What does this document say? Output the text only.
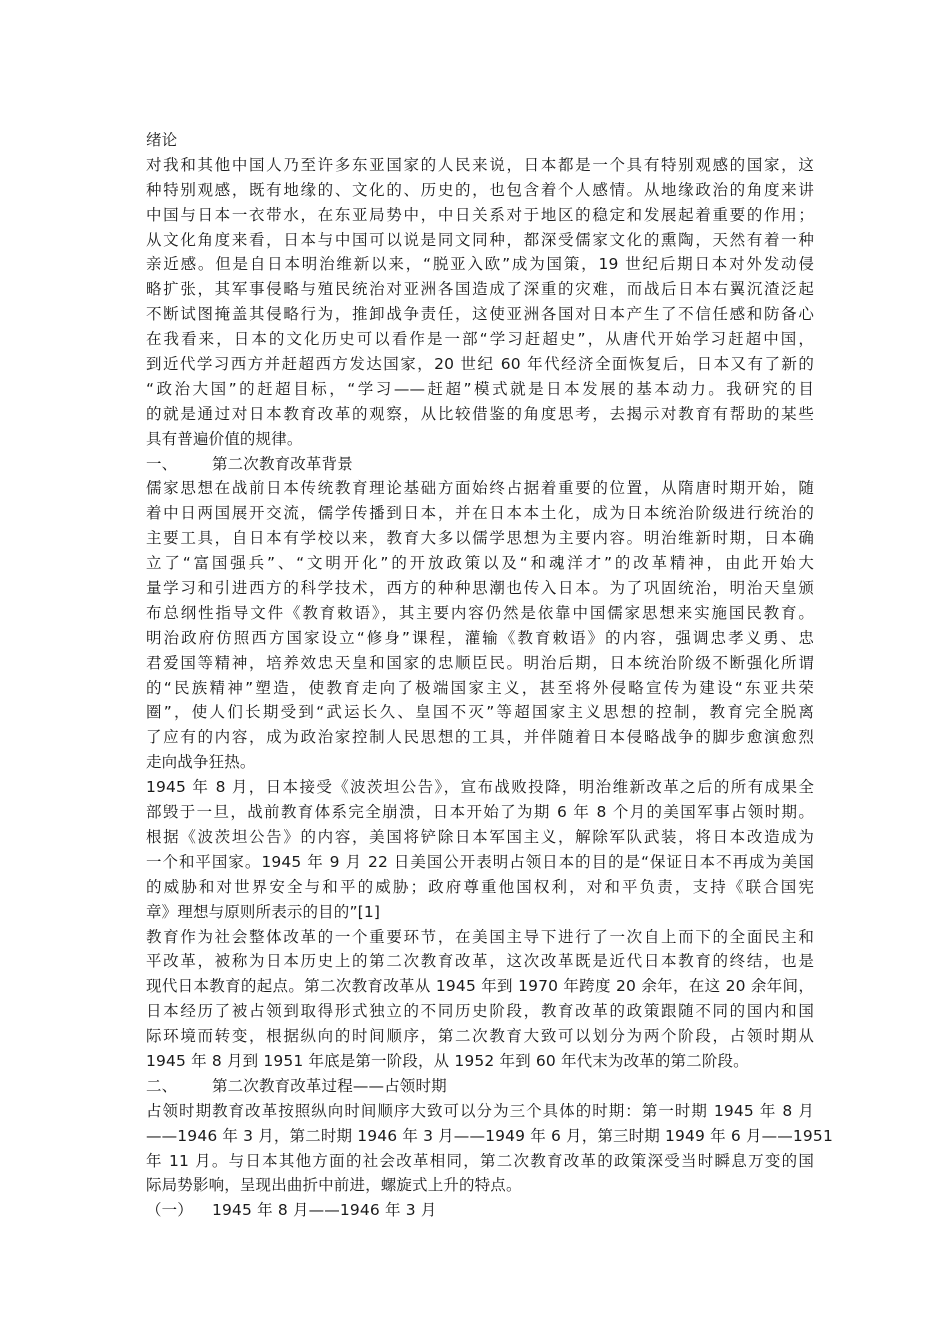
绪论
对我和其他中国人乃至许多东亚国家的人民来说，日本都是一个具有特别观感的国家，这
种特别观感，既有地缘的、文化的、历史的，也包含着个人感情。从地缘政治的角度来讲
中国与日本一衣带水，在东亚局势中，中日关系对于地区的稳定和发展起着重要的作用；
从文化角度来看，日本与中国可以说是同文同种，都深受儒家文化的熏陶，天然有着一种
亲近感。但是自日本明治维新以来，“脱亚入欧”成为国策，19 世纪后期日本对外发动侵
略扩张，其军事侵略与殖民统治对亚洲各国造成了深重的灾难，而战后日本右翼沉渣泛起
不断试图掩盖其侵略行为，推卸战争责任，这使亚洲各国对日本产生了不信任感和防备心
在我看来，日本的文化历史可以看作是一部“学习赶超史”，从唐代开始学习赶超中国，
到近代学习西方并赶超西方发达国家，20 世纪 60 年代经济全面恢复后，日本又有了新的
“政治大国”的赶超目标，“学习——赶超”模式就是日本发展的基本动力。我研究的目
的就是通过对日本教育改革的观察，从比较借鉴的角度思考，去揭示对教育有帮助的某些
具有普遍价值的规律。
一、 第二次教育改革背景
儒家思想在战前日本传统教育理论基础方面始终占据着重要的位置，从隋唐时期开始，随
着中日两国展开交流，儒学传播到日本，并在日本本土化，成为日本统治阶级进行统治的
主要工具，自日本有学校以来，教育大多以儒学思想为主要内容。明治维新时期，日本确
立了“富国强兵”、“文明开化”的开放政策以及“和魂洋才”的改革精神，由此开始大
量学习和引进西方的科学技术，西方的种种思潮也传入日本。为了巩固统治，明治天皇颁
布总纲性指导文件《教育敕语》，其主要内容仍然是依靠中国儒家思想来实施国民教育。
明治政府仿照西方国家设立“修身”课程，灌输《教育敕语》的内容，强调忠孝义勇、忠
君爱国等精神，培养效忠天皇和国家的忠顺臣民。明治后期，日本统治阶级不断强化所谓
的“民族精神”塑造，使教育走向了极端国家主义，甚至将外侵略宣传为建设“东亚共荣
圈”，使人们长期受到“武运长久、皇国不灭”等超国家主义思想的控制，教育完全脱离
了应有的内容，成为政治家控制人民思想的工具，并伴随着日本侵略战争的脚步愈演愈烈
走向战争狂热。
1945 年 8 月，日本接受《波茨坦公告》，宣布战败投降，明治维新改革之后的所有成果全
部毁于一旦，战前教育体系完全崩溃，日本开始了为期 6 年 8 个月的美国军事占领时期。
根据《波茨坦公告》的内容，美国将铲除日本军国主义，解除军队武装，将日本改造成为
一个和平国家。1945 年 9 月 22 日美国公开表明占领日本的目的是“保证日本不再成为美国
的威胁和对世界安全与和平的威胁；政府尊重他国权利，对和平负责，支持《联合国宪
章》理想与原则所表示的目的”[1]
教育作为社会整体改革的一个重要环节，在美国主导下进行了一次自上而下的全面民主和
平改革，被称为日本历史上的第二次教育改革，这次改革既是近代日本教育的终结，也是
现代日本教育的起点。第二次教育改革从 1945 年到 1970 年跨度 20 余年，在这 20 余年间，
日本经历了被占领到取得形式独立的不同历史阶段，教育改革的政策跟随不同的国内和国
际环境而转变，根据纵向的时间顺序，第二次教育大致可以划分为两个阶段，占领时期从
1945 年 8 月到 1951 年底是第一阶段，从 1952 年到 60 年代末为改革的第二阶段。
二、 第二次教育改革过程——占领时期
占领时期教育改革按照纵向时间顺序大致可以分为三个具体的时期：第一时期 1945 年 8 月
——1946 年 3 月，第二时期 1946 年 3 月——1949 年 6 月，第三时期 1949 年 6 月——1951
年 11 月。与日本其他方面的社会改革相同，第二次教育改革的政策深受当时瞬息万变的国
际局势影响，呈现出曲折中前进，螺旋式上升的特点。
（一） 1945 年 8 月——1946 年 3 月
